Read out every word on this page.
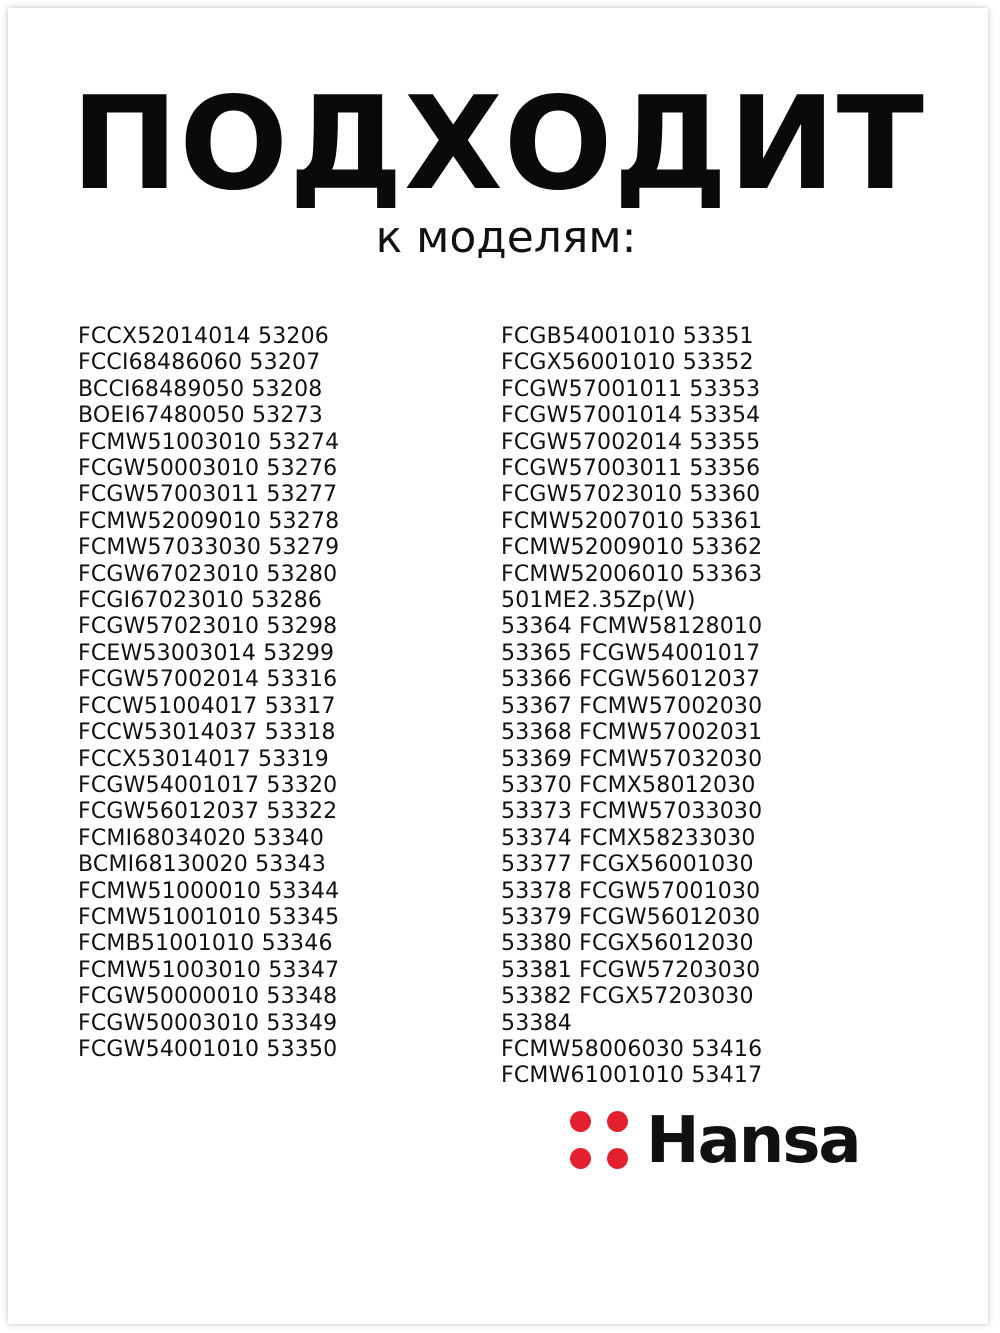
ПОДХОДИТ
к моделям:
FCCX52014014 53206
FCCI68486060 53207
BCCI68489050 53208
BOEI67480050 53273
FCMW51003010 53274
FCGW50003010 53276
FCGW57003011 53277
FCMW52009010 53278
FCMW57033030 53279
FCGW67023010 53280
FCGI67023010 53286
FCGW57023010 53298
FCEW53003014 53299
FCGW57002014 53316
FCCW51004017 53317
FCCW53014037 53318
FCCX53014017 53319
FCGW54001017 53320
FCGW56012037 53322
FCMI68034020 53340
BCMI68130020 53343
FCMW51000010 53344
FCMW51001010 53345
FCMB51001010 53346
FCMW51003010 53347
FCGW50000010 53348
FCGW50003010 53349
FCGW54001010 53350
FCGB54001010 53351
FCGX56001010 53352
FCGW57001011 53353
FCGW57001014 53354
FCGW57002014 53355
FCGW57003011 53356
FCGW57023010 53360
FCMW52007010 53361
FCMW52009010 53362
FCMW52006010 53363
501ME2.35Zp(W)
53364 FCMW58128010
53365 FCGW54001017
53366 FCGW56012037
53367 FCMW57002030
53368 FCMW57002031
53369 FCMW57032030
53370 FCMX58012030
53373 FCMW57033030
53374 FCMX58233030
53377 FCGX56001030
53378 FCGW57001030
53379 FCGW56012030
53380 FCGX56012030
53381 FCGW57203030
53382 FCGX57203030
53384
FCMW58006030 53416
FCMW61001010 53417
Hansa
